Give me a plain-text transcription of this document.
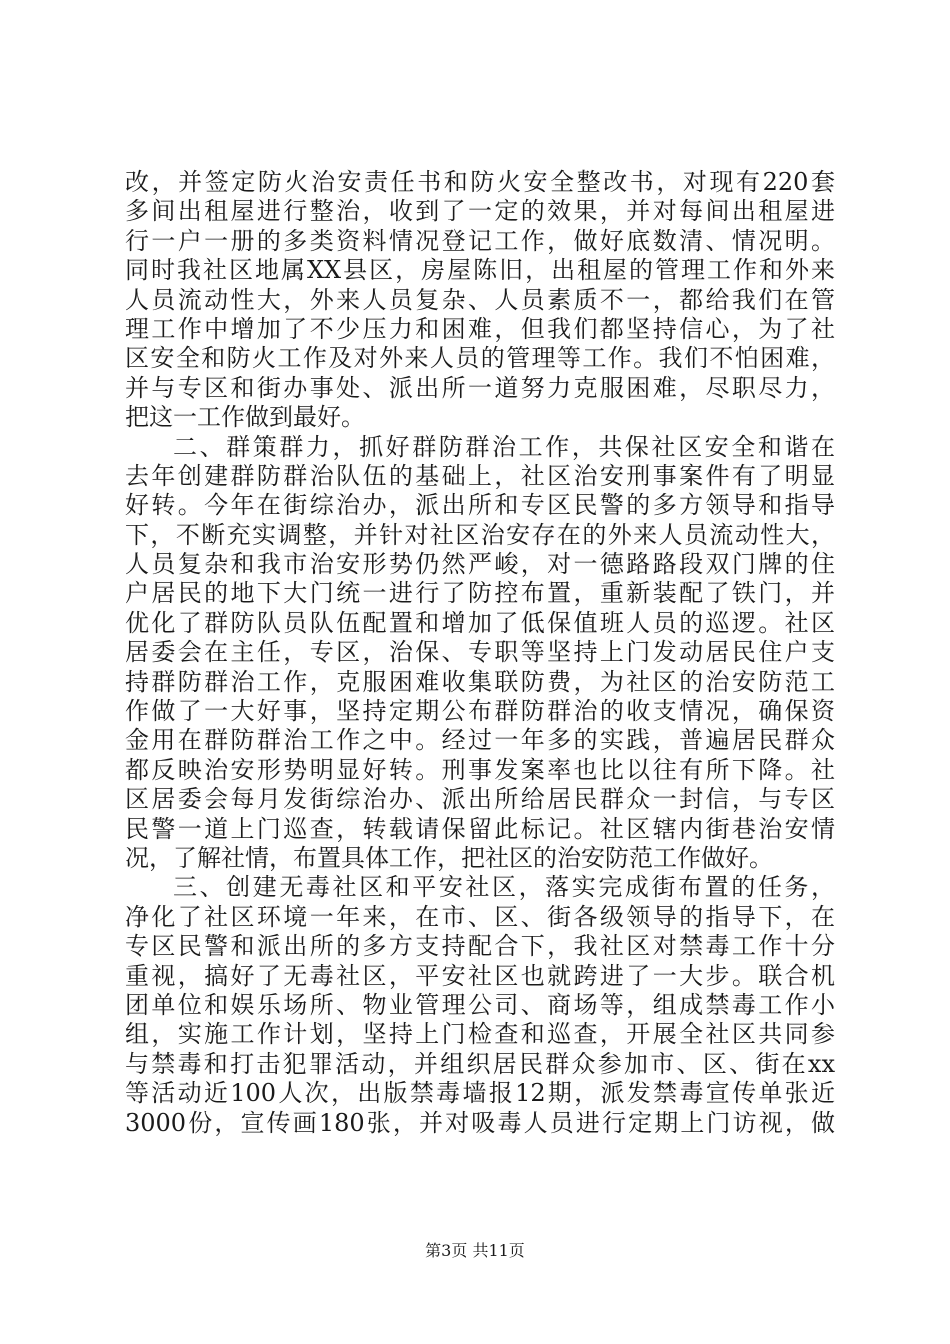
改，并签定防火治安责任书和防火安全整改书，对现有220套
多间出租屋进行整治，收到了一定的效果，并对每间出租屋进
行一户一册的多类资料情况登记工作，做好底数清、情况明。
同时我社区地属XX县区，房屋陈旧，出租屋的管理工作和外来
人员流动性大，外来人员复杂、人员素质不一，都给我们在管
理工作中增加了不少压力和困难，但我们都坚持信心，为了社
区安全和防火工作及对外来人员的管理等工作。我们不怕困难，
并与专区和街办事处、派出所一道努力克服困难，尽职尽力，
把这一工作做到最好。
二、群策群力，抓好群防群治工作，共保社区安全和谐在
去年创建群防群治队伍的基础上，社区治安刑事案件有了明显
好转。今年在街综治办，派出所和专区民警的多方领导和指导
下，不断充实调整，并针对社区治安存在的外来人员流动性大，
人员复杂和我市治安形势仍然严峻，对一德路路段双门牌的住
户居民的地下大门统一进行了防控布置，重新装配了铁门，并
优化了群防队员队伍配置和增加了低保值班人员的巡逻。社区
居委会在主任，专区，治保、专职等坚持上门发动居民住户支
持群防群治工作，克服困难收集联防费，为社区的治安防范工
作做了一大好事，坚持定期公布群防群治的收支情况，确保资
金用在群防群治工作之中。经过一年多的实践，普遍居民群众
都反映治安形势明显好转。刑事发案率也比以往有所下降。社
区居委会每月发街综治办、派出所给居民群众一封信，与专区
民警一道上门巡查，转载请保留此标记。社区辖内街巷治安情
况，了解社情，布置具体工作，把社区的治安防范工作做好。
三、创建无毒社区和平安社区，落实完成街布置的任务，
净化了社区环境一年来，在市、区、街各级领导的指导下，在
专区民警和派出所的多方支持配合下，我社区对禁毒工作十分
重视，搞好了无毒社区，平安社区也就跨进了一大步。联合机
团单位和娱乐场所、物业管理公司、商场等，组成禁毒工作小
组，实施工作计划，坚持上门检查和巡查，开展全社区共同参
与禁毒和打击犯罪活动，并组织居民群众参加市、区、街在xx
等活动近100人次，出版禁毒墙报12期，派发禁毒宣传单张近
3000份，宣传画180张，并对吸毒人员进行定期上门访视，做
第3页 共11页
